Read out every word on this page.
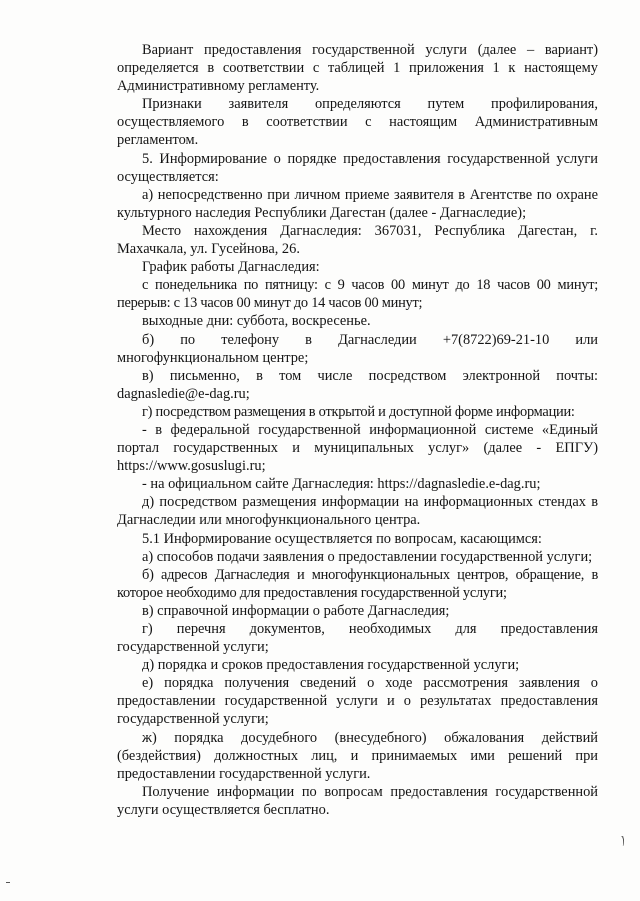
Вариант предоставления государственной услуги (далее – вариант) определяется в соответствии с таблицей 1 приложения 1 к настоящему Административному регламенту.

Признаки заявителя определяются путем профилирования, осуществляемого в соответствии с настоящим Административным регламентом.

5. Информирование о порядке предоставления государственной услуги осуществляется:

а) непосредственно при личном приеме заявителя в Агентстве по охране культурного наследия Республики Дагестан (далее - Дагнаследие);

Место нахождения Дагнаследия: 367031, Республика Дагестан, г. Махачкала, ул. Гусейнова, 26.

График работы Дагнаследия:

с понедельника по пятницу: с 9 часов 00 минут до 18 часов 00 минут; перерыв: с 13 часов 00 минут до 14 часов 00 минут;

выходные дни: суббота, воскресенье.

б) по телефону в Дагнаследии +7(8722)69-21-10 или многофункциональном центре;

в) письменно, в том числе посредством электронной почты: dagnasledie@e-dag.ru;

г) посредством размещения в открытой и доступной форме информации:

- в федеральной государственной информационной системе «Единый портал государственных и муниципальных услуг» (далее - ЕПГУ) https://www.gosuslugi.ru;

- на официальном сайте Дагнаследия: https://dagnasledie.e-dag.ru;

д) посредством размещения информации на информационных стендах в Дагнаследии или многофункционального центра.

5.1 Информирование осуществляется по вопросам, касающимся:

а) способов подачи заявления о предоставлении государственной услуги;

б) адресов Дагнаследия и многофункциональных центров, обращение, в которое необходимо для предоставления государственной услуги;

в) справочной информации о работе Дагнаследия;

г) перечня документов, необходимых для предоставления государственной услуги;

д) порядка и сроков предоставления государственной услуги;

е) порядка получения сведений о ходе рассмотрения заявления о предоставлении государственной услуги и о результатах предоставления государственной услуги;

ж) порядка досудебного (внесудебного) обжалования действий (бездействия) должностных лиц, и принимаемых ими решений при предоставлении государственной услуги.

Получение информации по вопросам предоставления государственной услуги осуществляется бесплатно.

ﾉ
